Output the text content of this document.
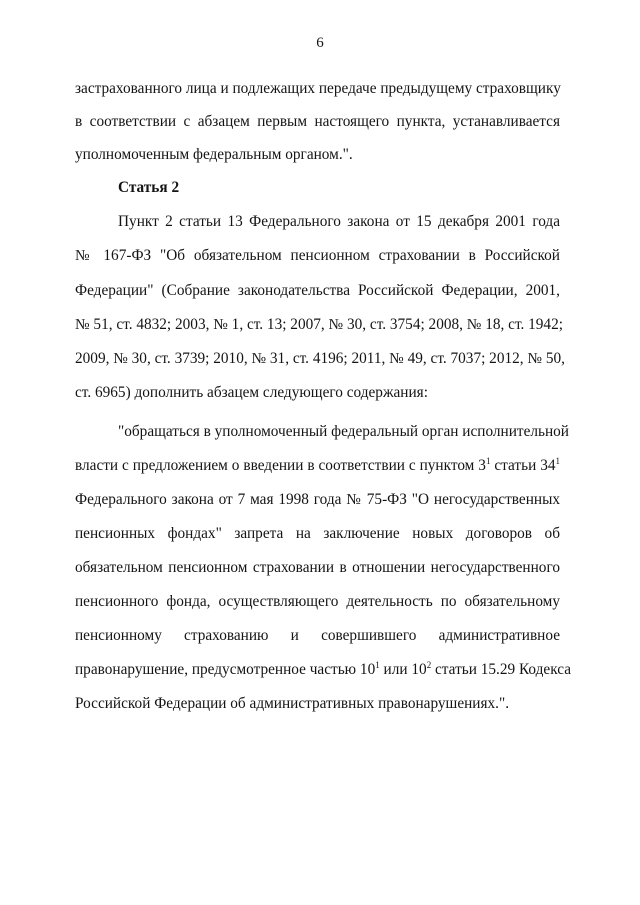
6
застрахованного лица и подлежащих передаче предыдущему страховщику
в соответствии с абзацем первым настоящего пункта, устанавливается
уполномоченным федеральным органом.".
Статья 2
Пункт 2 статьи 13 Федерального закона от 15 декабря 2001 года
№ 167-ФЗ "Об обязательном пенсионном страховании в Российской
Федерации" (Собрание законодательства Российской Федерации, 2001,
№ 51, ст. 4832; 2003, № 1, ст. 13; 2007, № 30, ст. 3754; 2008, № 18, ст. 1942;
2009, № 30, ст. 3739; 2010, № 31, ст. 4196; 2011, № 49, ст. 7037; 2012, № 50,
ст. 6965) дополнить абзацем следующего содержания:
"обращаться в уполномоченный федеральный орган исполнительной
власти с предложением о введении в соответствии с пунктом $3^1$ статьи $34^1$
Федерального закона от 7 мая 1998 года № 75-ФЗ "О негосударственных
пенсионных фондах" запрета на заключение новых договоров об
обязательном пенсионном страховании в отношении негосударственного
пенсионного фонда, осуществляющего деятельность по обязательному
пенсионному страхованию и совершившего административное
правонарушение, предусмотренное частью $10^1$ или $10^2$ статьи 15.29 Кодекса
Российской Федерации об административных правонарушениях.".
